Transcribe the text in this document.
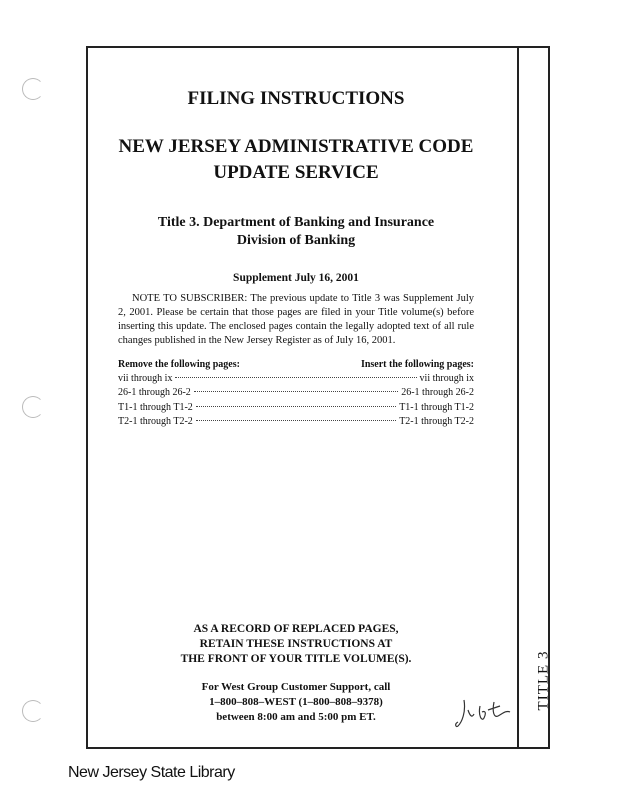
TITLE 3
FILING INSTRUCTIONS
NEW JERSEY ADMINISTRATIVE CODE
UPDATE SERVICE
Title 3. Department of Banking and Insurance
Division of Banking
Supplement July 16, 2001

NOTE TO SUBSCRIBER: The previous update to Title 3 was Supplement July 2, 2001. Please be certain that those pages are filed in your Title volume(s) before inserting this update. The enclosed pages contain the legally adopted text of all rule changes published in the New Jersey Register as of July 16, 2001.

Remove the following pages:	Insert the following pages:
vii through ix	vii through ix
26-1 through 26-2	26-1 through 26-2
T1-1 through T1-2	T1-1 through T1-2
T2-1 through T2-2	T2-1 through T2-2
AS A RECORD OF REPLACED PAGES,
RETAIN THESE INSTRUCTIONS AT
THE FRONT OF YOUR TITLE VOLUME(S).
For West Group Customer Support, call
1–800–808–WEST (1–800–808–9378)
between 8:00 am and 5:00 pm ET.
New Jersey State Library
